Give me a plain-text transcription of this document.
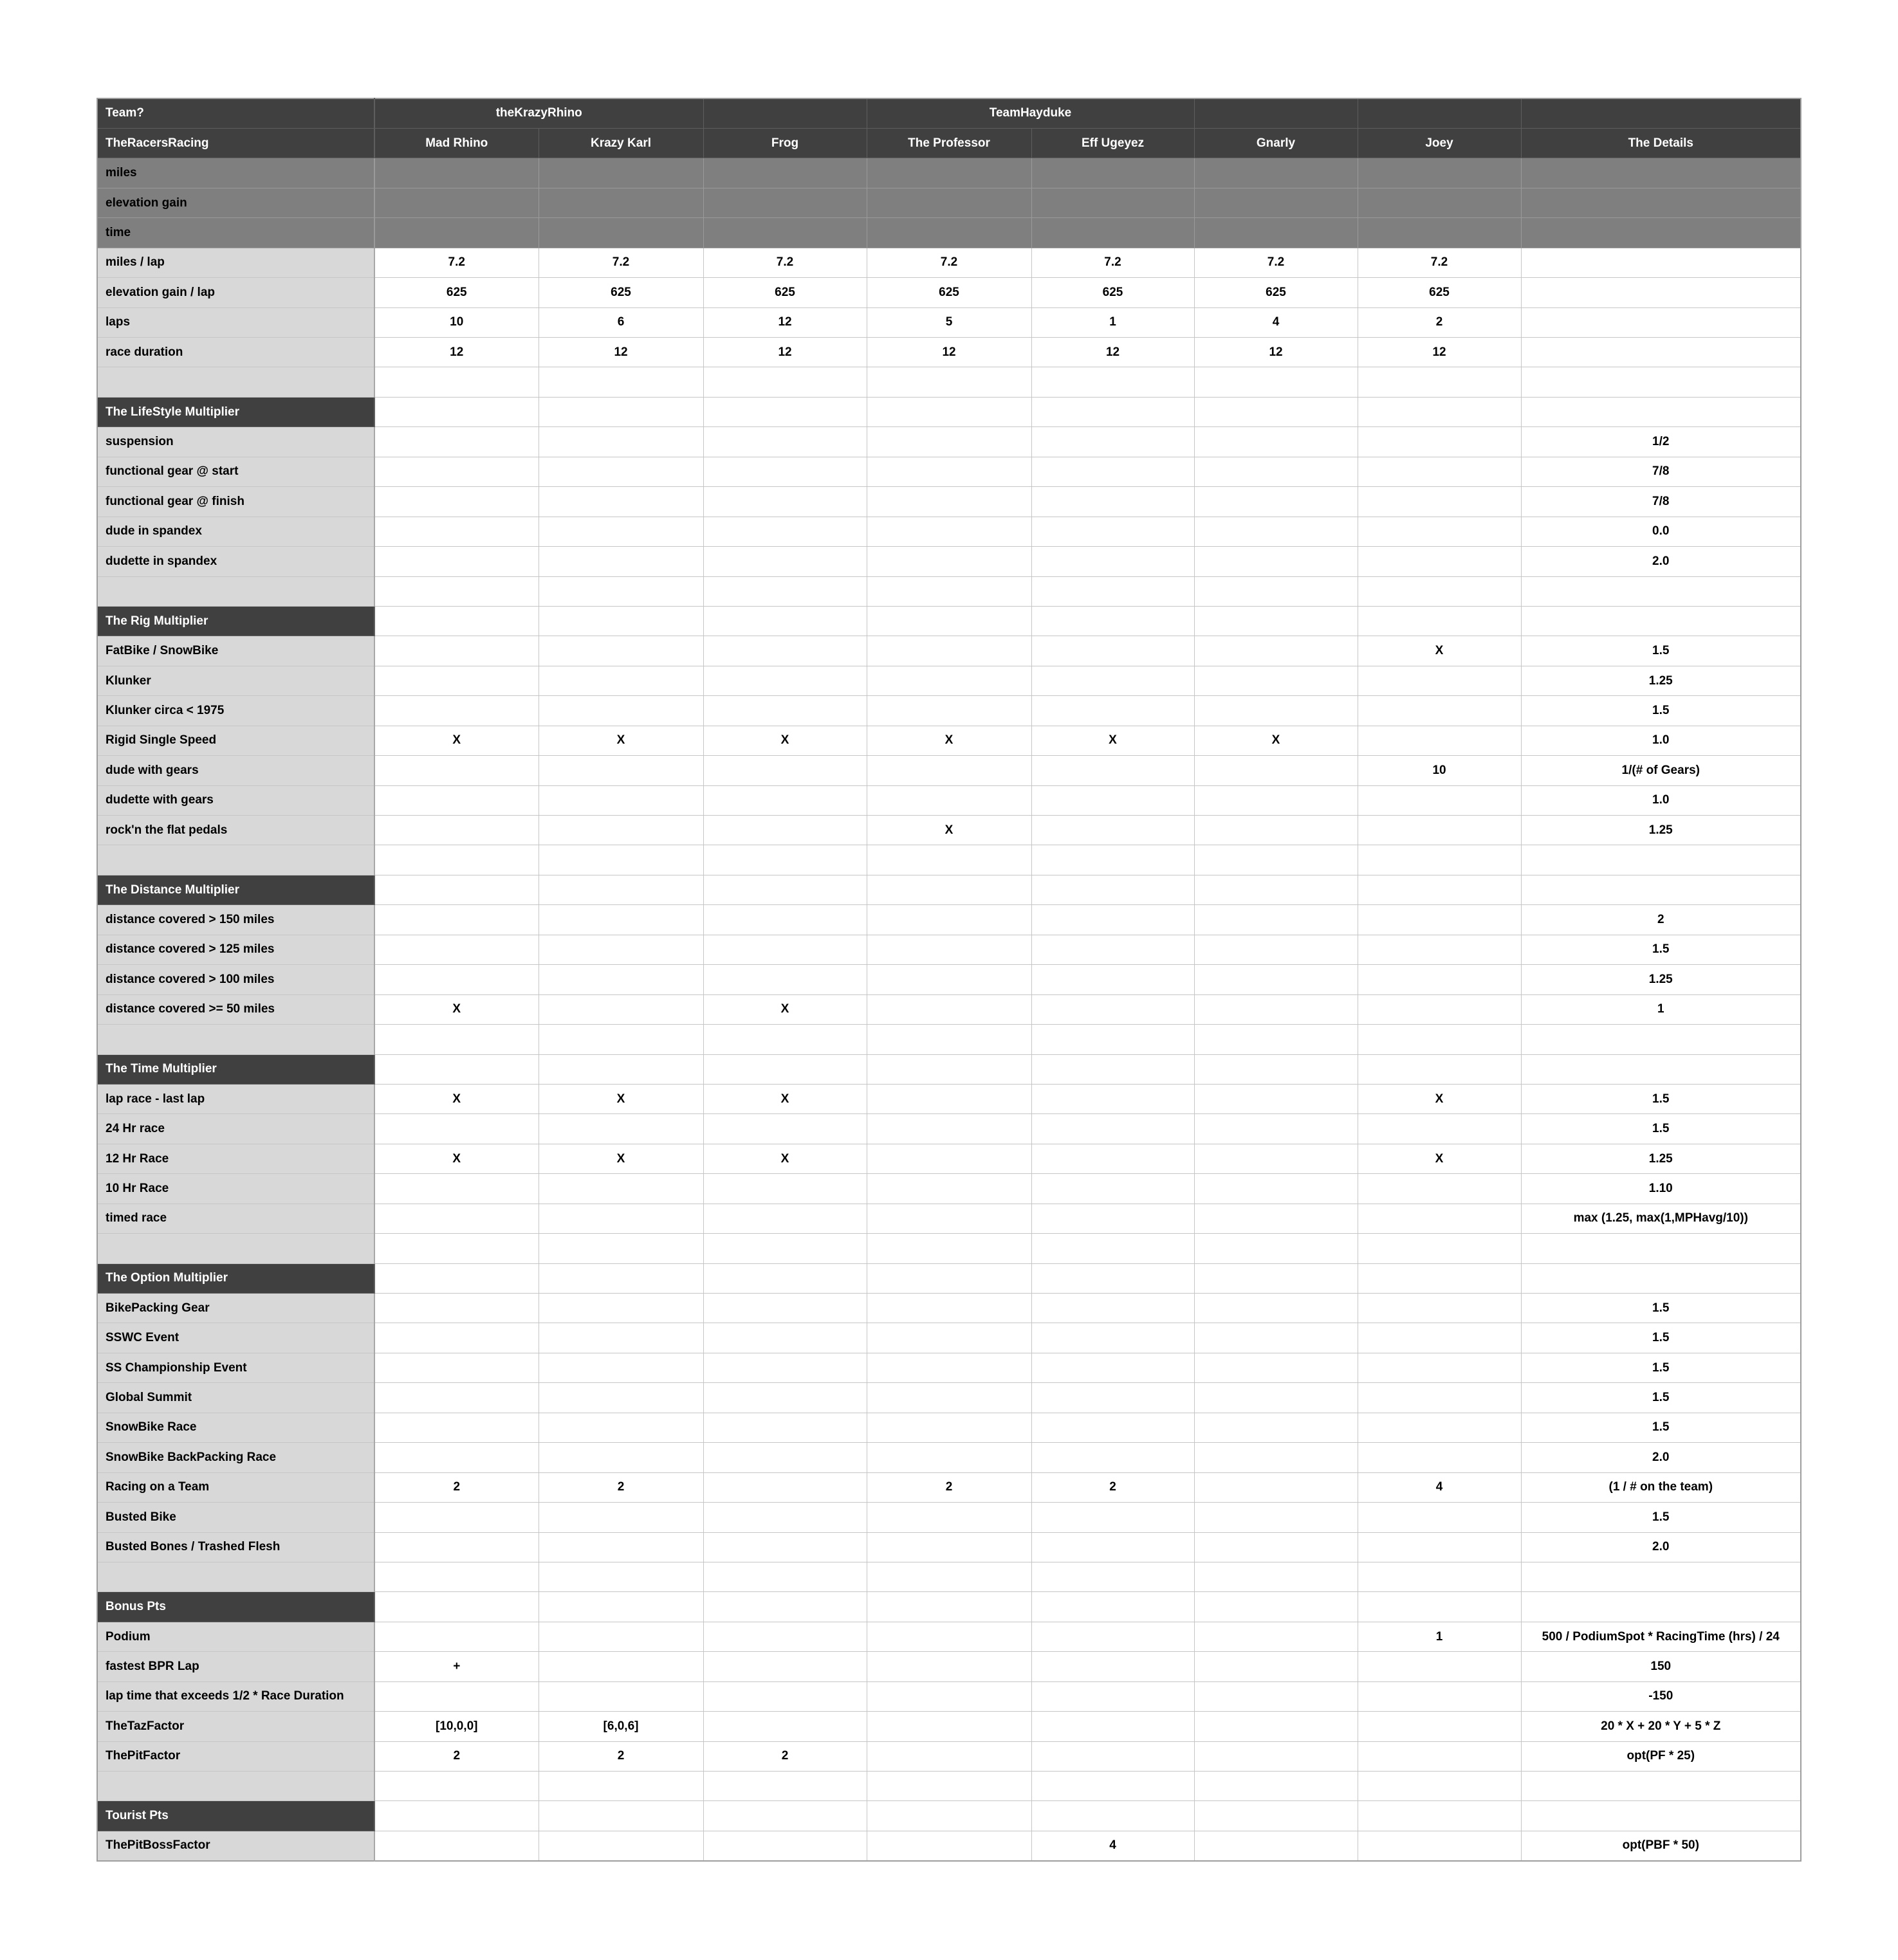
Team?	theKrazyRhino			TeamHayduke				
TheRacersRacing	Mad Rhino	Krazy Karl	Frog	The Professor	Eff Ugeyez	Gnarly	Joey	The Details
miles								
elevation gain								
time								
miles / lap	7.2	7.2	7.2	7.2	7.2	7.2	7.2	
elevation gain / lap	625	625	625	625	625	625	625	
laps	10	6	12	5	1	4	2	
race duration	12	12	12	12	12	12	12	

The LifeStyle Multiplier								
suspension								1/2
functional gear @ start								7/8
functional gear @ finish								7/8
dude in spandex								0.0
dudette in spandex								2.0

The Rig Multiplier								
FatBike / SnowBike							X	1.5
Klunker								1.25
Klunker circa < 1975								1.5
Rigid Single Speed	X	X	X	X	X	X		1.0
dude with gears							10	1/(# of Gears)
dudette with gears								1.0
rock'n the flat pedals				X				1.25

The Distance Multiplier								
distance covered > 150 miles								2
distance covered > 125 miles								1.5
distance covered > 100 miles								1.25
distance covered >= 50 miles	X		X					1

The Time Multiplier								
lap race - last lap	X	X	X				X	1.5
24 Hr race								1.5
12 Hr Race	X	X	X				X	1.25
10 Hr Race								1.10
timed race								max (1.25, max(1,MPHavg/10))

The Option Multiplier								
BikePacking Gear								1.5
SSWC Event								1.5
SS Championship Event								1.5
Global Summit								1.5
SnowBike Race								1.5
SnowBike BackPacking Race								2.0
Racing on a Team	2	2		2	2		4	(1 / # on the team)
Busted Bike								1.5
Busted Bones / Trashed Flesh								2.0

Bonus Pts								
Podium							1	500 / PodiumSpot * RacingTime (hrs) / 24
fastest BPR Lap	+							150
lap time that exceeds 1/2 * Race Duration								-150
TheTazFactor	[10,0,0]	[6,0,6]						20 * X + 20 * Y + 5 * Z
ThePitFactor	2	2	2					opt(PF * 25)

Tourist Pts								
ThePitBossFactor					4			opt(PBF * 50)
